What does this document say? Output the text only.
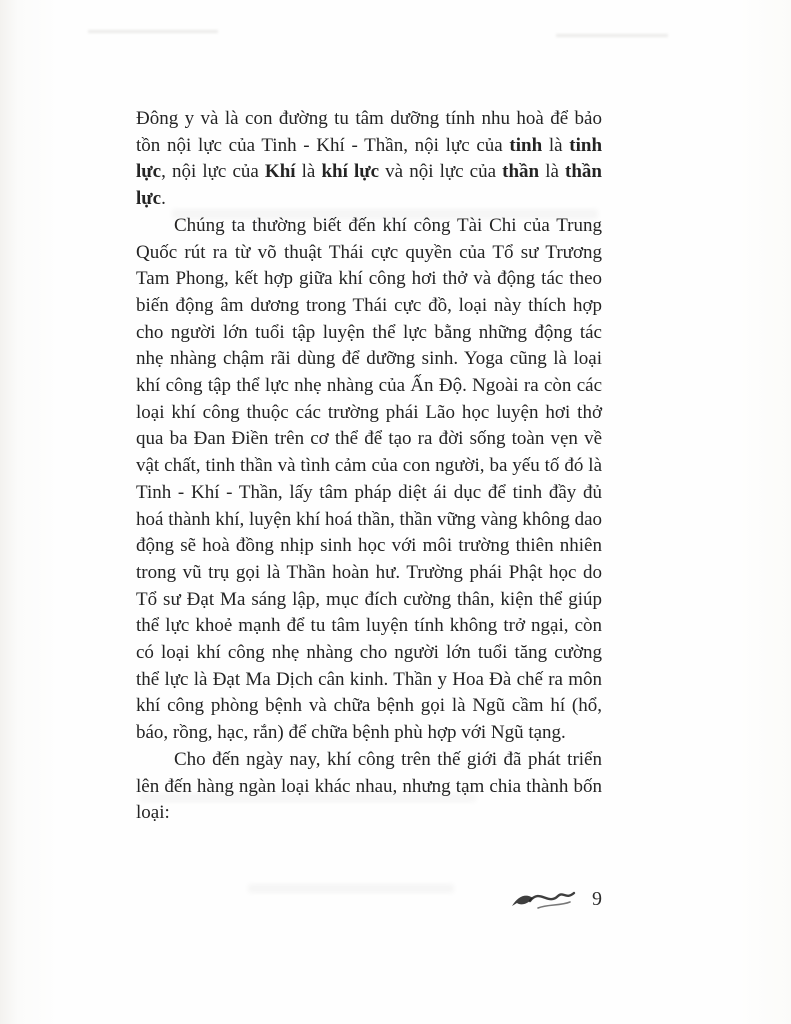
Đông y và là con đường tu tâm dưỡng tính nhu hoà để bảo tồn nội lực của Tinh - Khí - Thần, nội lực của tinh là tinh lực, nội lực của Khí là khí lực và nội lực của thần là thần lực.

Chúng ta thường biết đến khí công Tài Chi của Trung Quốc rút ra từ võ thuật Thái cực quyền của Tổ sư Trương Tam Phong, kết hợp giữa khí công hơi thở và động tác theo biến động âm dương trong Thái cực đồ, loại này thích hợp cho người lớn tuổi tập luyện thể lực bằng những động tác nhẹ nhàng chậm rãi dùng để dưỡng sinh. Yoga cũng là loại khí công tập thể lực nhẹ nhàng của Ấn Độ. Ngoài ra còn các loại khí công thuộc các trường phái Lão học luyện hơi thở qua ba Đan Điền trên cơ thể để tạo ra đời sống toàn vẹn về vật chất, tinh thần và tình cảm của con người, ba yếu tố đó là Tinh - Khí - Thần, lấy tâm pháp diệt ái dục để tinh đầy đủ hoá thành khí, luyện khí hoá thần, thần vững vàng không dao động sẽ hoà đồng nhịp sinh học với môi trường thiên nhiên trong vũ trụ gọi là Thần hoàn hư. Trường phái Phật học do Tổ sư Đạt Ma sáng lập, mục đích cường thân, kiện thể giúp thể lực khoẻ mạnh để tu tâm luyện tính không trở ngại, còn có loại khí công nhẹ nhàng cho người lớn tuổi tăng cường thể lực là Đạt Ma Dịch cân kinh. Thần y Hoa Đà chế ra môn khí công phòng bệnh và chữa bệnh gọi là Ngũ cầm hí (hổ, báo, rồng, hạc, rắn) để chữa bệnh phù hợp với Ngũ tạng.

Cho đến ngày nay, khí công trên thế giới đã phát triển lên đến hàng ngàn loại khác nhau, nhưng tạm chia thành bốn loại:

9
